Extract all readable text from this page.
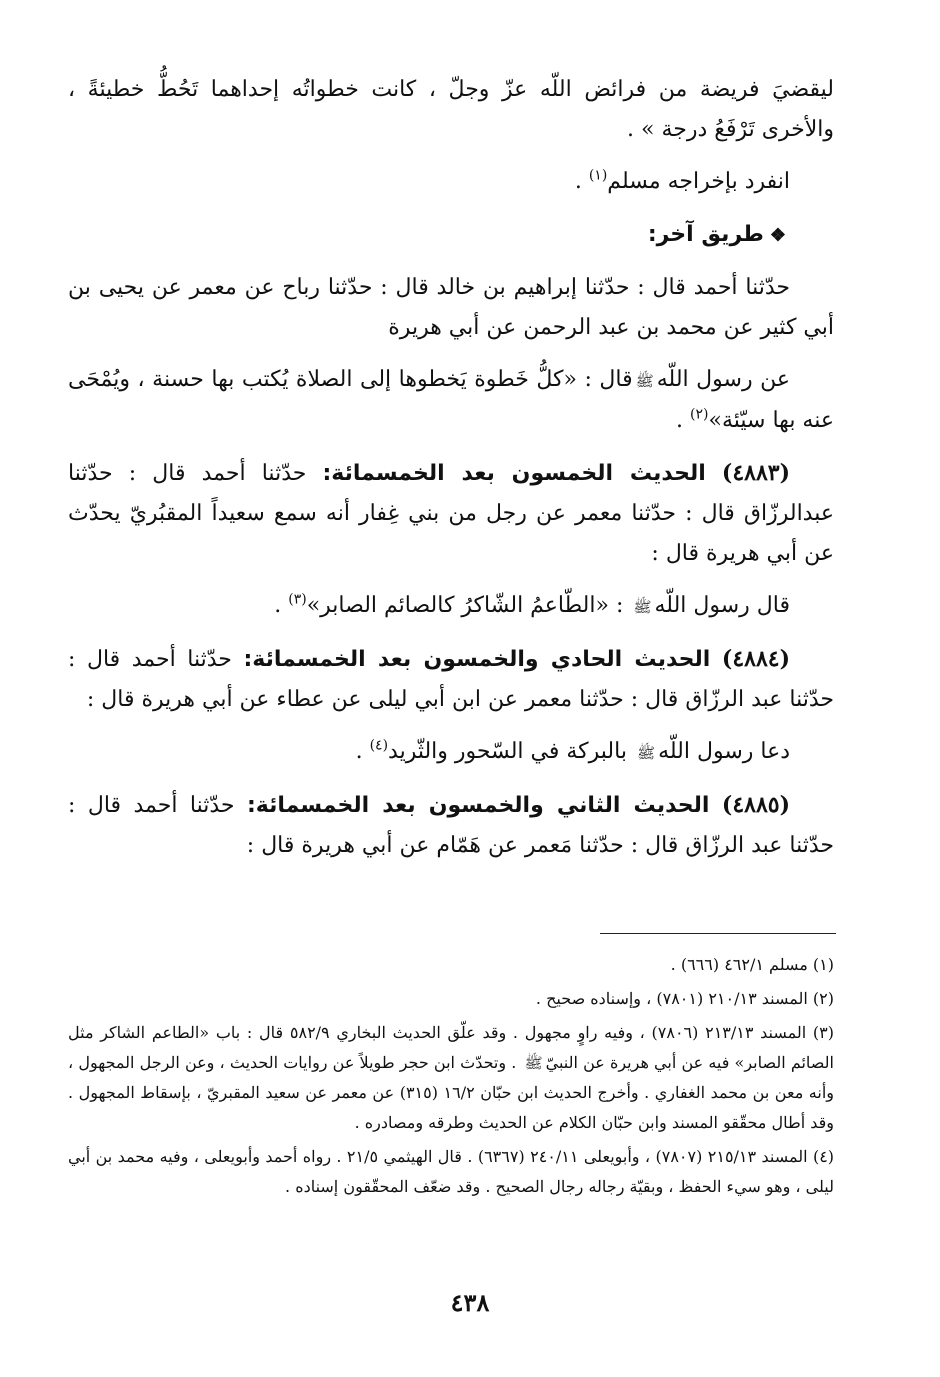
ليقضيَ فريضة من فرائض اللّه عزّ وجلّ ، كانت خطواتُه إحداهما تَحُطُّ خطيئةً ، والأخرى تَرْفَعُ درجة » .

انفرد بإخراجه مسلم$^{(١)}$ .

❖طريق آخر:

حدّثنا أحمد قال : حدّثنا إبراهيم بن خالد قال : حدّثنا رباح عن معمر عن يحيى بن أبي كثير عن محمد بن عبد الرحمن عن أبي هريرة

عن رسول اللّهﷺقال : «كلُّ خَطوة يَخطوها إلى الصلاة يُكتب بها حسنة ، ويُمْحَى عنه بها سيّئة»$^{(٢)}$ .

(٤٨٨٣) الحديث الخمسون بعد الخمسمائة: حدّثنا أحمد قال : حدّثنا عبدالرزّاق قال : حدّثنا معمر عن رجل من بني غِفار أنه سمع سعيداً المقبُريّ يحدّث عن أبي هريرة قال :

قال رسول اللّهﷺ : «الطّاعمُ الشّاكرُ كالصائم الصابر»$^{(٣)}$ .

(٤٨٨٤) الحديث الحادي والخمسون بعد الخمسمائة: حدّثنا أحمد قال : حدّثنا عبد الرزّاق قال : حدّثنا معمر عن ابن أبي ليلى عن عطاء عن أبي هريرة قال :

دعا رسول اللّهﷺ بالبركة في السّحور والثّريد$^{(٤)}$ .

(٤٨٨٥) الحديث الثاني والخمسون بعد الخمسمائة: حدّثنا أحمد قال : حدّثنا عبد الرزّاق قال : حدّثنا مَعمر عن هَمّام عن أبي هريرة قال :

(١) مسلم ٤٦٢/١ (٦٦٦) .

(٢) المسند ٢١٠/١٣ (٧٨٠١) ، وإسناده صحيح .

(٣) المسند ٢١٣/١٣ (٧٨٠٦) ، وفيه راوٍ مجهول . وقد علّق الحديث البخاري ٥٨٢/٩ قال : باب «الطاعم الشاكر مثل الصائم الصابر» فيه عن أبي هريرة عن النبيّﷺ . وتحدّث ابن حجر طويلاً عن روايات الحديث ، وعن الرجل المجهول ، وأنه معن بن محمد الغفاري . وأخرج الحديث ابن حبّان ١٦/٢ (٣١٥) عن معمر عن سعيد المقبريّ ، بإسقاط المجهول . وقد أطال محقّقو المسند وابن حبّان الكلام عن الحديث وطرقه ومصادره .

(٤) المسند ٢١٥/١٣ (٧٨٠٧) ، وأبويعلى ٢٤٠/١١ (٦٣٦٧) . قال الهيثمي ٢١/٥ . رواه أحمد وأبويعلى ، وفيه محمد بن أبي ليلى ، وهو سيء الحفظ ، وبقيّة رجاله رجال الصحيح . وقد ضعّف المحقّقون إسناده .

٤٣٨
